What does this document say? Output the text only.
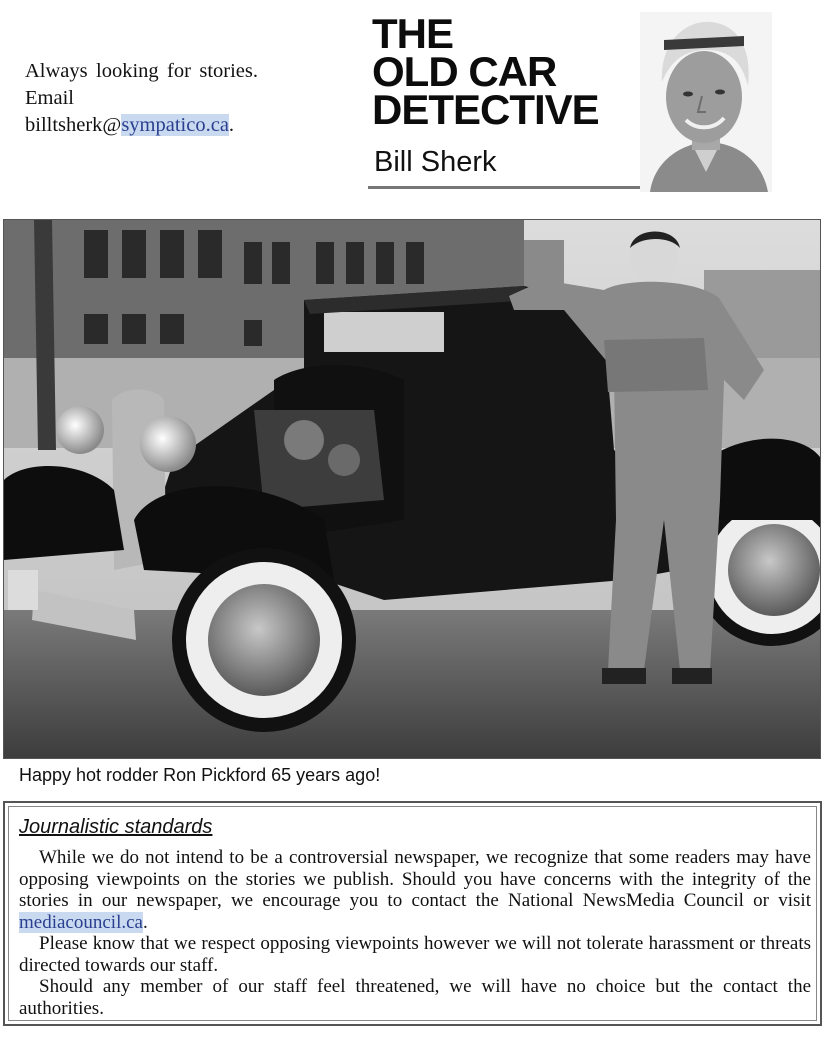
Always looking for stories. Email billtsherk@sympatico.ca.
THE
OLD CAR
DETECTIVE
Bill Sherk
Happy hot rodder Ron Pickford 65 years ago!
Journalistic standards

While we do not intend to be a controversial newspaper, we recognize that some readers may have opposing viewpoints on the stories we publish. Should you have concerns with the integrity of the stories in our newspaper, we encourage you to contact the National NewsMedia Council or visit mediacouncil.ca.

Please know that we respect opposing viewpoints however we will not tolerate harassment or threats directed towards our staff.

Should any member of our staff feel threatened, we will have no choice but the contact the authorities.
